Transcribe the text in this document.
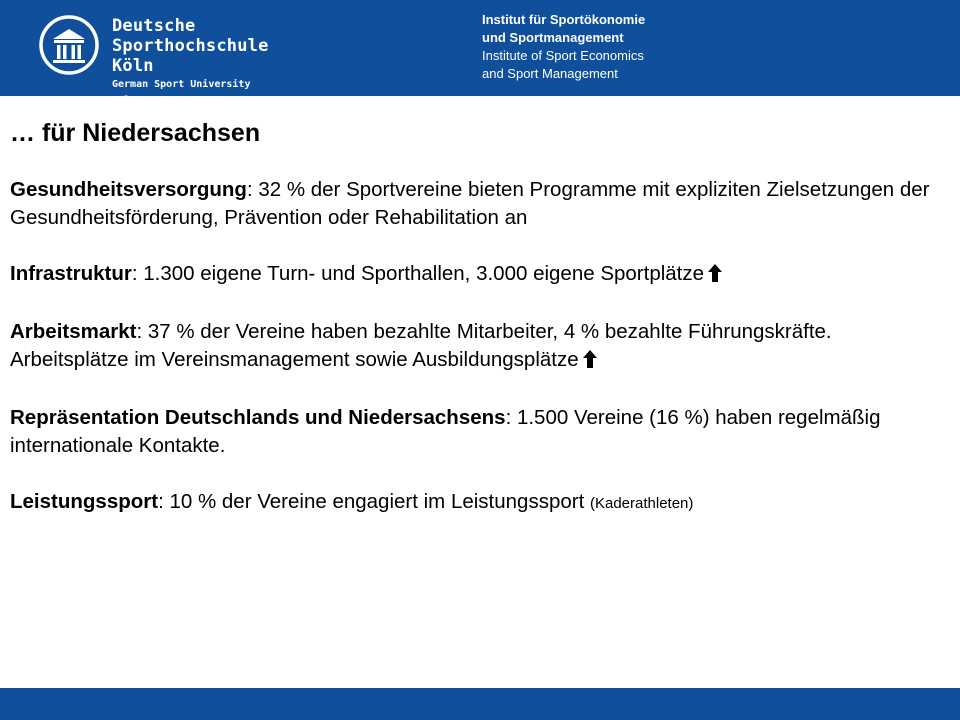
Deutsche
Sporthochschule Köln
German Sport University Cologne
Institut für Sportökonomie
und Sportmanagement
Institute of Sport Economics
and Sport Management
… für Niedersachsen

Gesundheitsversorgung: 32 % der Sportvereine bieten Programme mit expliziten Zielsetzungen der Gesundheitsförderung, Prävention oder Rehabilitation an

Infrastruktur: 1.300 eigene Turn- und Sporthallen, 3.000 eigene Sportplätze

Arbeitsmarkt: 37 % der Vereine haben bezahlte Mitarbeiter, 4 % bezahlte Führungskräfte.

Arbeitsplätze im Vereinsmanagement sowie Ausbildungsplätze

Repräsentation Deutschlands und Niedersachsens: 1.500 Vereine (16 %) haben regelmäßig internationale Kontakte.

Leistungssport: 10 % der Vereine engagiert im Leistungssport (Kaderathleten)
